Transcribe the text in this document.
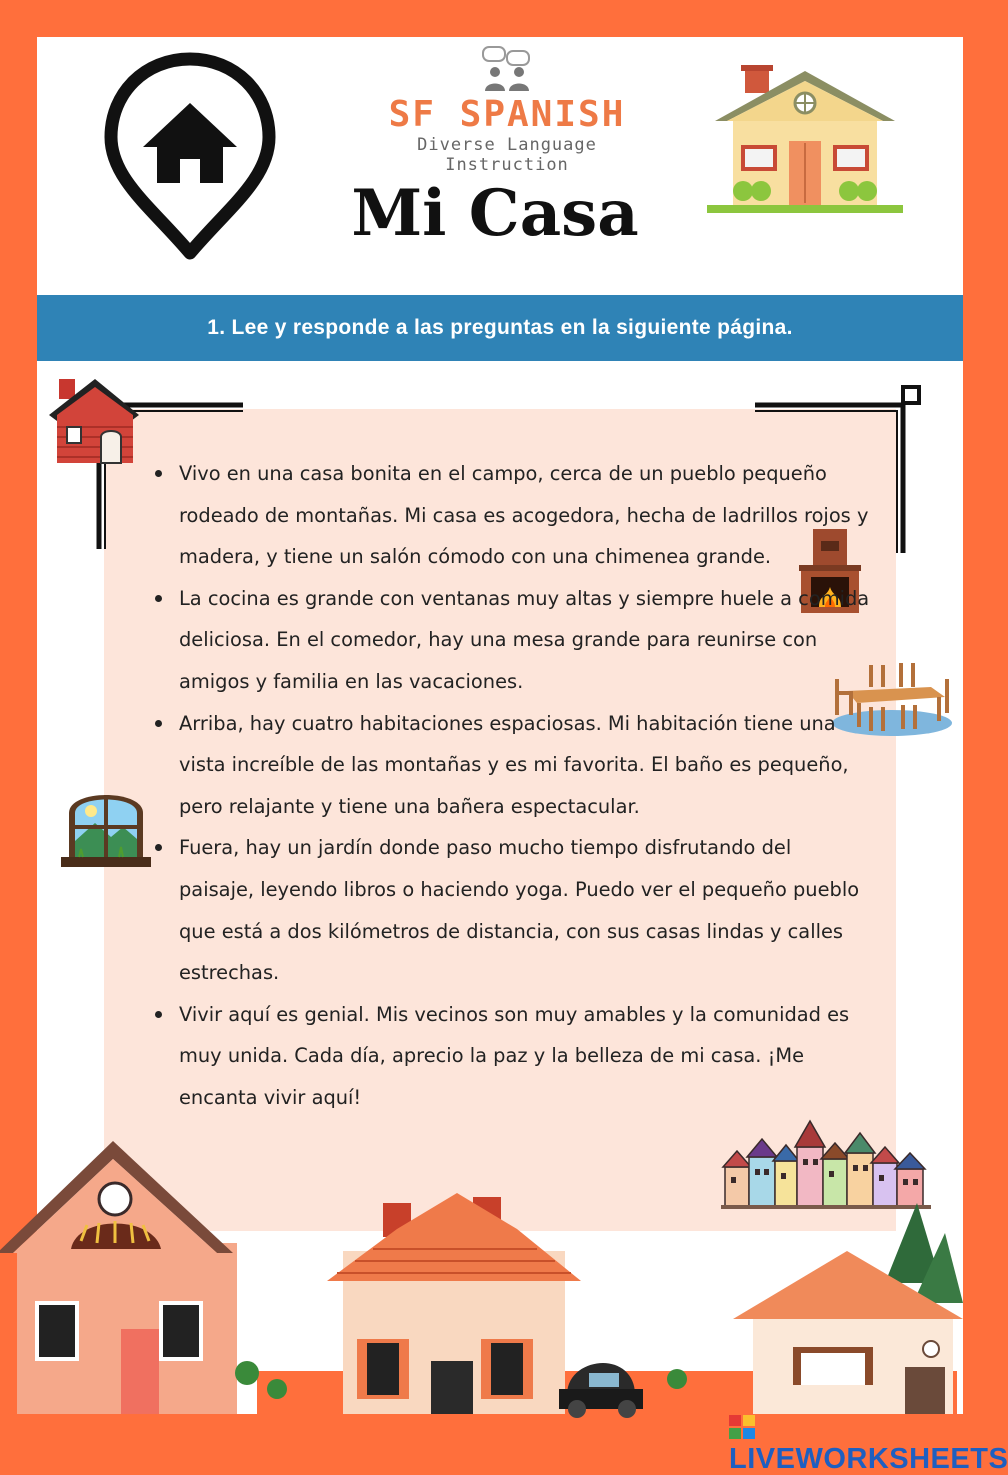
SF SPANISH
Diverse Language Instruction
Mi Casa
1. Lee y responde a las preguntas en la siguiente página.
Vivo en una casa bonita en el campo, cerca de un pueblo pequeño rodeado de montañas. Mi casa es acogedora, hecha de ladrillos rojos y madera, y tiene un salón cómodo con una chimenea grande.
La cocina es grande con ventanas muy altas y siempre huele a comida deliciosa. En el comedor, hay una mesa grande para reunirse con amigos y familia en las vacaciones.
Arriba, hay cuatro habitaciones espaciosas. Mi habitación tiene una vista increíble de las montañas y es mi favorita. El baño es pequeño, pero relajante y tiene una bañera espectacular.
Fuera, hay un jardín donde paso mucho tiempo disfrutando del paisaje, leyendo libros o haciendo yoga. Puedo ver el pequeño pueblo que está a dos kilómetros de distancia, con sus casas lindas y calles estrechas.
Vivir aquí es genial. Mis vecinos son muy amables y la comunidad es muy unida. Cada día, aprecio la paz y la belleza de mi casa. ¡Me encanta vivir aquí!
LIVEWORKSHEETS
